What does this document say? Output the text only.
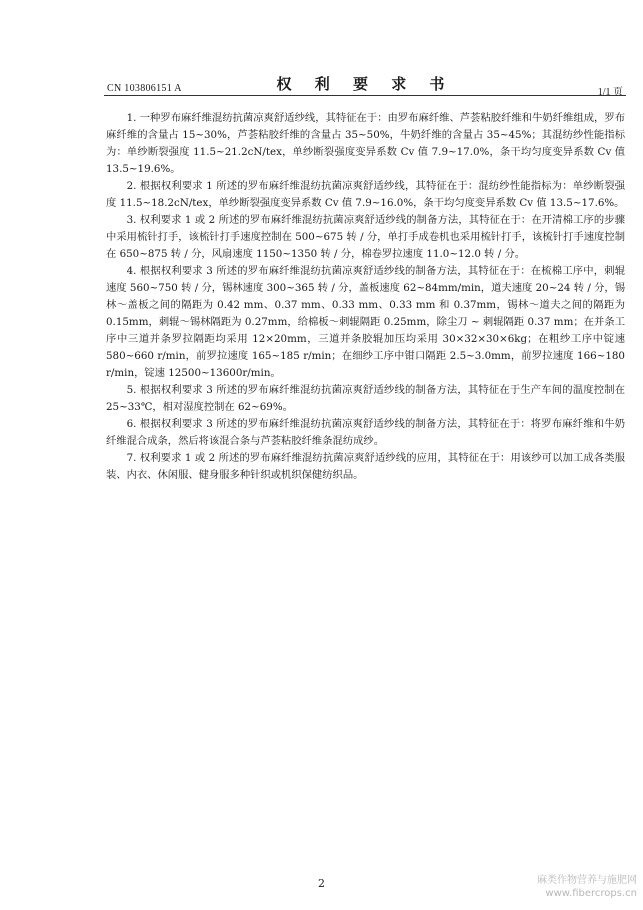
CN 103806151 A	权 利 要 求 书	1/1 页

1. 一种罗布麻纤维混纺抗菌凉爽舒适纱线，其特征在于：由罗布麻纤维、芦荟粘胶纤维和牛奶纤维组成，罗布麻纤维的含量占 15~30%，芦荟粘胶纤维的含量占 35~50%，牛奶纤维的含量占 35~45%；其混纺纱性能指标为：单纱断裂强度 11.5~21.2cN/tex，单纱断裂强度变异系数 Cv 值 7.9~17.0%，条干均匀度变异系数 Cv 值 13.5~19.6%。

2. 根据权利要求 1 所述的罗布麻纤维混纺抗菌凉爽舒适纱线，其特征在于：混纺纱性能指标为：单纱断裂强度 11.5~18.2cN/tex，单纱断裂强度变异系数 Cv 值 7.9~16.0%，条干均匀度变异系数 Cv 值 13.5~17.6%。

3. 权利要求 1 或 2 所述的罗布麻纤维混纺抗菌凉爽舒适纱线的制备方法，其特征在于：在开清棉工序的步骤中采用梳针打手，该梳针打手速度控制在 500~675 转 / 分，单打手成卷机也采用梳针打手，该梳针打手速度控制在 650~875 转 / 分，风扇速度 1150~1350 转 / 分，棉卷罗拉速度 11.0~12.0 转 / 分。

4. 根据权利要求 3 所述的罗布麻纤维混纺抗菌凉爽舒适纱线的制备方法，其特征在于：在梳棉工序中，刺辊速度 560~750 转 / 分，锡林速度 300~365 转 / 分，盖板速度 62~84mm/min，道夫速度 20~24 转 / 分，锡林～盖板之间的隔距为 0.42 mm、0.37 mm、0.33 mm、0.33 mm 和 0.37mm，锡林～道夫之间的隔距为 0.15mm，刺辊～锡林隔距为 0.27mm，给棉板～刺辊隔距 0.25mm，除尘刀 ~ 刺辊隔距 0.37 mm；在并条工序中三道并条罗拉隔距均采用 12×20mm，三道并条胶辊加压均采用 30×32×30×6kg；在粗纱工序中锭速 580~660 r/min，前罗拉速度 165~185 r/min；在细纱工序中钳口隔距 2.5~3.0mm，前罗拉速度 166~180 r/min，锭速 12500~13600r/min。

5. 根据权利要求 3 所述的罗布麻纤维混纺抗菌凉爽舒适纱线的制备方法，其特征在于生产车间的温度控制在 25~33℃，相对湿度控制在 62~69%。

6. 根据权利要求 3 所述的罗布麻纤维混纺抗菌凉爽舒适纱线的制备方法，其特征在于：将罗布麻纤维和牛奶纤维混合成条，然后将该混合条与芦荟粘胶纤维条混纺成纱。

7. 权利要求 1 或 2 所述的罗布麻纤维混纺抗菌凉爽舒适纱线的应用，其特征在于：用该纱可以加工成各类服装、内衣、休闲服、健身服多种针织或机织保健纺织品。

2	麻类作物营养与施肥网
www.fibercrops.cn
